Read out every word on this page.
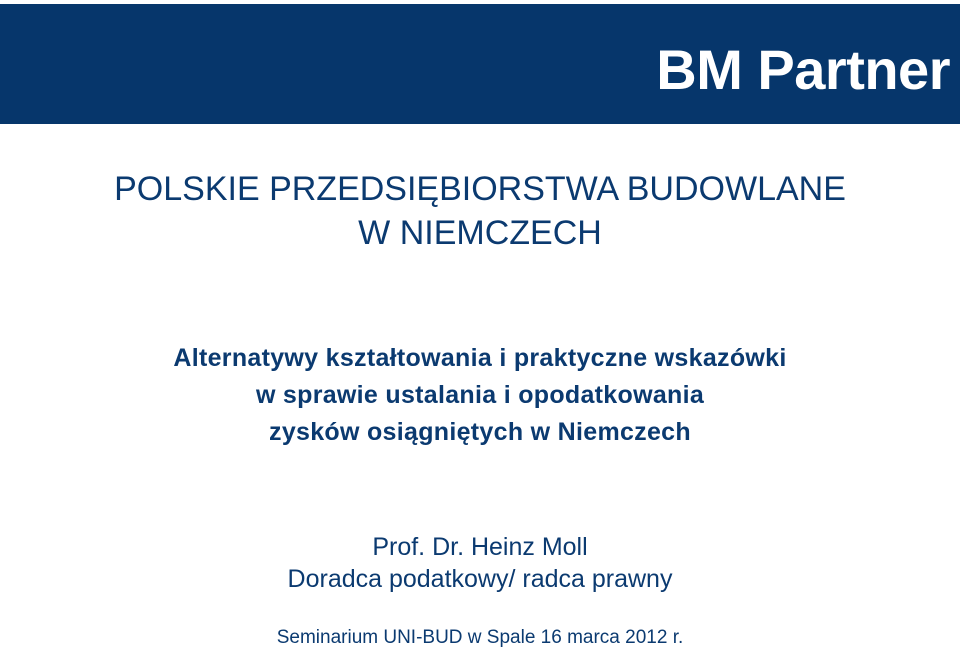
BM Partner
POLSKIE PRZEDSIĘBIORSTWA BUDOWLANE
W NIEMCZECH
Alternatywy kształtowania i praktyczne wskazówki
w sprawie ustalania i opodatkowania
zysków osiągniętych w Niemczech
Prof. Dr. Heinz Moll
Doradca podatkowy/ radca prawny
Seminarium UNI-BUD w Spale 16 marca 2012 r.
